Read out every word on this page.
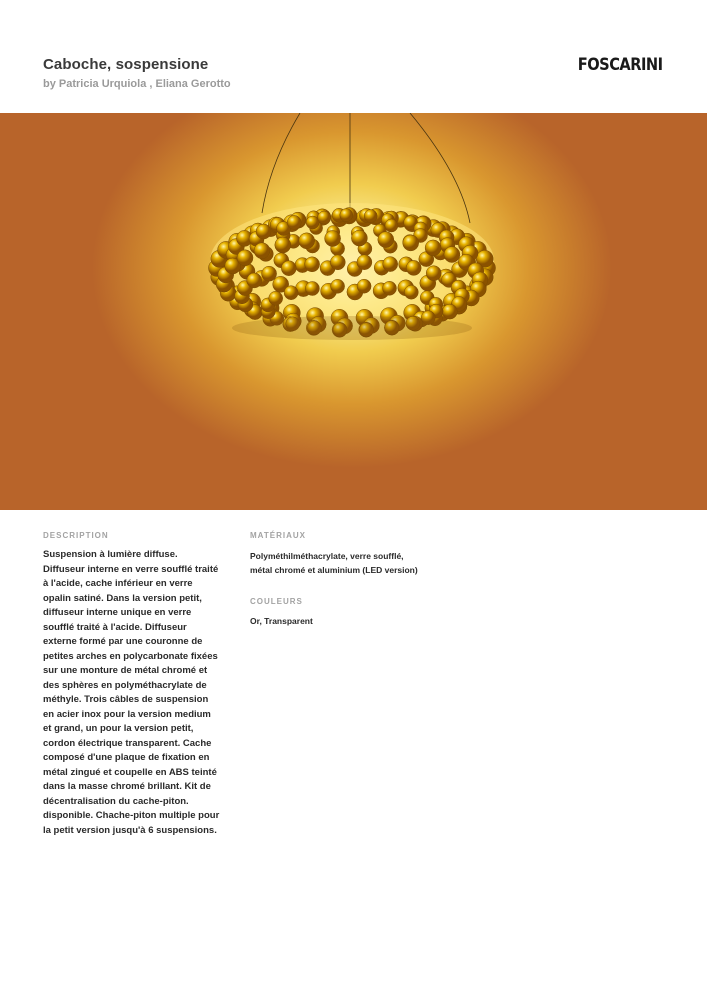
Caboche, sospensione
by Patricia Urquiola , Eliana Gerotto
FOSCARINI
DESCRIPTION
Suspension à lumière diffuse. Diffuseur interne en verre soufflé traité à l'acide, cache inférieur en verre opalin satiné. Dans la version petit, diffuseur interne unique en verre soufflé traité à l'acide. Diffuseur externe formé par une couronne de petites arches en polycarbonate fixées sur une monture de métal chromé et des sphères en polyméthacrylate de méthyle. Trois câbles de suspension en acier inox pour la version medium et grand, un pour la version petit, cordon électrique transparent. Cache composé d'une plaque de fixation en métal zingué et coupelle en ABS teinté dans la masse chromé brillant. Kit de décentralisation du cache-piton. disponible. Chache-piton multiple pour la petit version jusqu'à 6 suspensions.
MATÉRIAUX
Polyméthilméthacrylate, verre soufflé,
métal chromé et aluminium (LED version)
COULEURS
Or, Transparent
